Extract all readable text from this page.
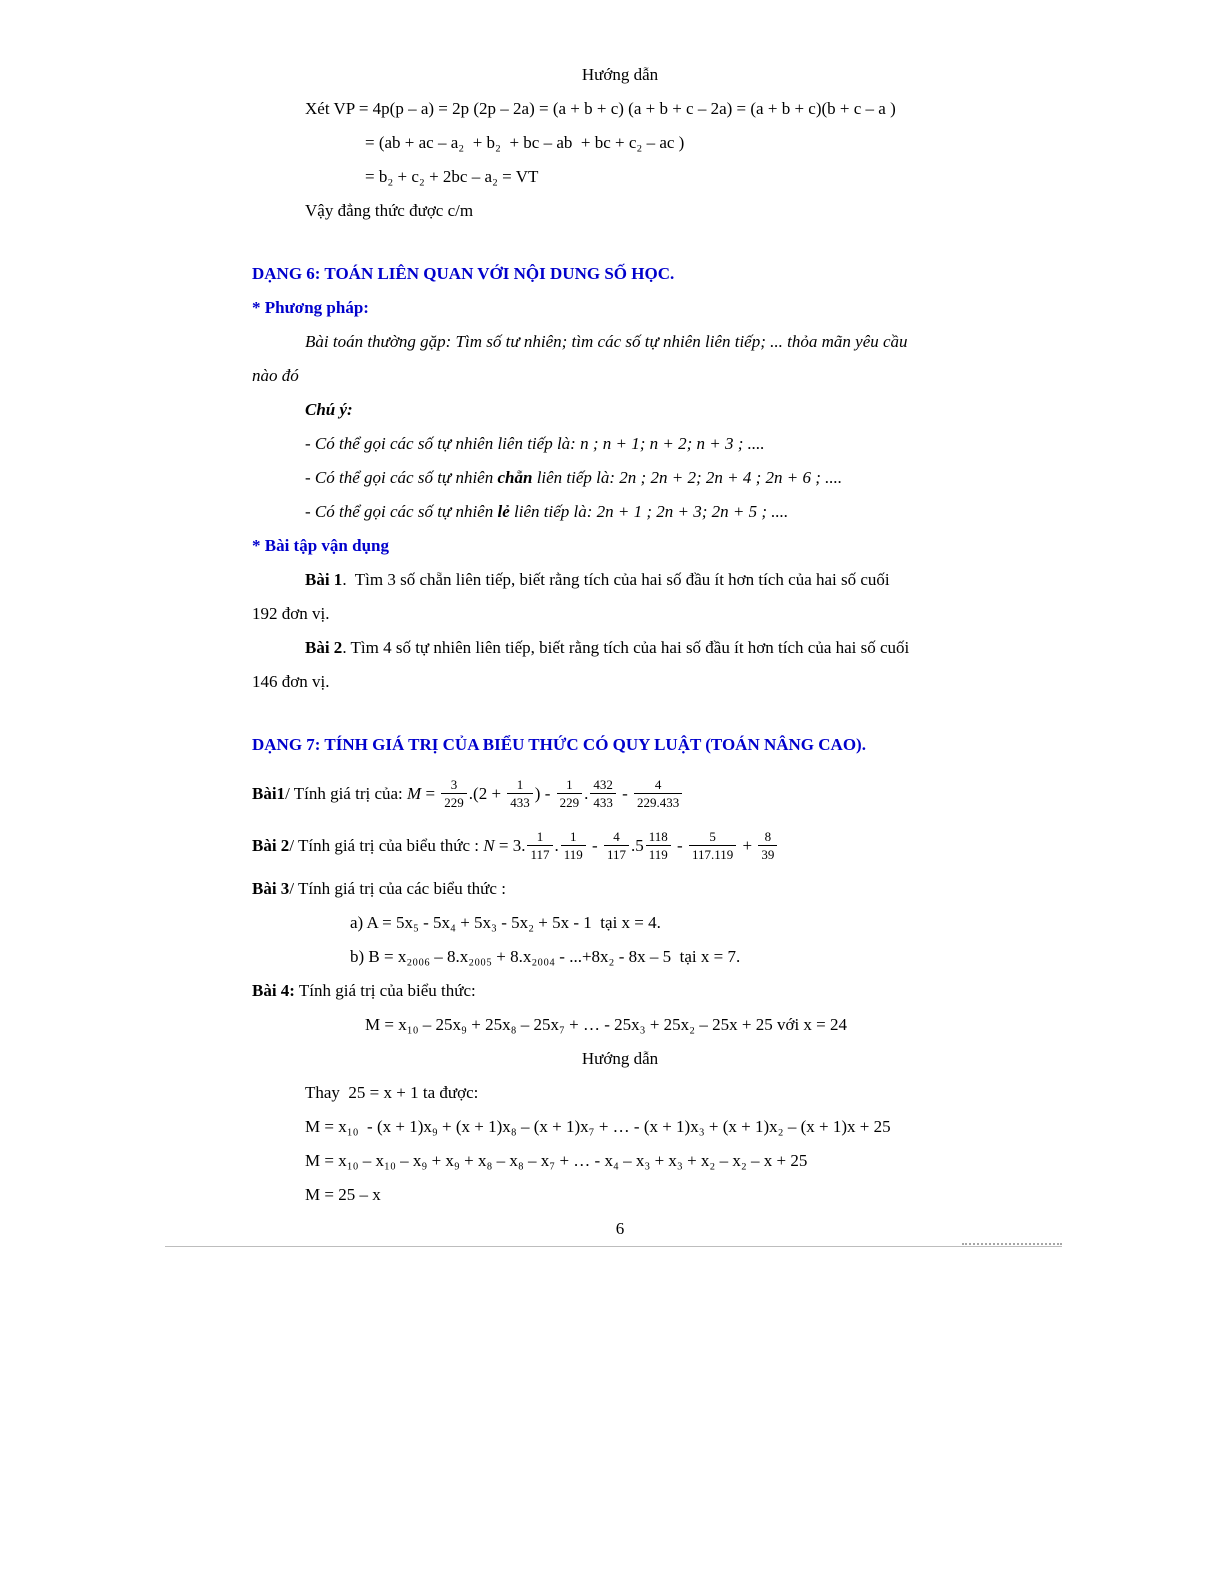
Hướng dẫn

Xét VP = 4p(p – a) = 2p (2p – 2a) = (a + b + c) (a + b + c – 2a) = (a + b + c)(b + c – a )

= (ab + ac – a₂  + b₂  + bc – ab  + bc + c₂ – ac )

= b₂ + c₂ + 2bc – a₂ = VT

Vậy đẳng thức được c/m

DẠNG 6: TOÁN LIÊN QUAN VỚI NỘI DUNG SỐ HỌC.

* Phương pháp:

Bài toán thường gặp: Tìm số tư nhiên; tìm các số tự nhiên liên tiếp; ... thỏa mãn yêu cầu

nào đó

Chú ý:

- Có thể gọi các số tự nhiên liên tiếp là: n ; n + 1; n + 2; n + 3 ; ....

- Có thể gọi các số tự nhiên chẵn liên tiếp là: 2n ; 2n + 2; 2n + 4 ; 2n + 6 ; ....

- Có thể gọi các số tự nhiên lẻ liên tiếp là: 2n + 1 ; 2n + 3; 2n + 5 ; ....

* Bài tập vận dụng

Bài 1.  Tìm 3 số chẵn liên tiếp, biết rằng tích của hai số đầu ít hơn tích của hai số cuối

192 đơn vị.

Bài 2. Tìm 4 số tự nhiên liên tiếp, biết rằng tích của hai số đầu ít hơn tích của hai số cuối

146 đơn vị.

DẠNG 7: TÍNH GIÁ TRỊ CỦA BIỂU THỨC CÓ QUY LUẬT (TOÁN NÂNG CAO).

Bài1/ Tính giá trị của: $M = \frac{3}{229} .(2 + \frac{1}{433}$ ) - $\frac{1}{229}$ . $\frac{432}{433} - \frac{4}{229.433}$

Bài 2/ Tính giá trị của biểu thức : N = 3. $\frac{1}{117}$ . $\frac{1}{119} - \frac{4}{117} .5 \frac{118}{119} - \frac{5}{117.119} + \frac{8}{39}$

Bài 3/ Tính giá trị của các biểu thức :

a) A = 5x₅ - 5x₄ + 5x₃ - 5x₂ + 5x - 1  tại x = 4.

b) B = x₂₀₀₆ – 8.x₂₀₀₅ + 8.x₂₀₀₄ - ...+8x₂ - 8x – 5  tại x = 7.

Bài 4: Tính giá trị của biểu thức:

M = x₁₀ – 25x₉ + 25x₈ – 25x₇ + … - 25x₃ + 25x₂ – 25x + 25 với x = 24

Hướng dẫn

Thay  25 = x + 1 ta được:

M = x₁₀  - (x + 1)x₉ + (x + 1)x₈ – (x + 1)x₇ + … - (x + 1)x₃ + (x + 1)x₂ – (x + 1)x + 25

M = x₁₀ – x₁₀ – x₉ + x₉ + x₈ – x₈ – x₇ + … - x₄ – x₃ + x₃ + x₂ – x₂ – x + 25

M = 25 – x

6
